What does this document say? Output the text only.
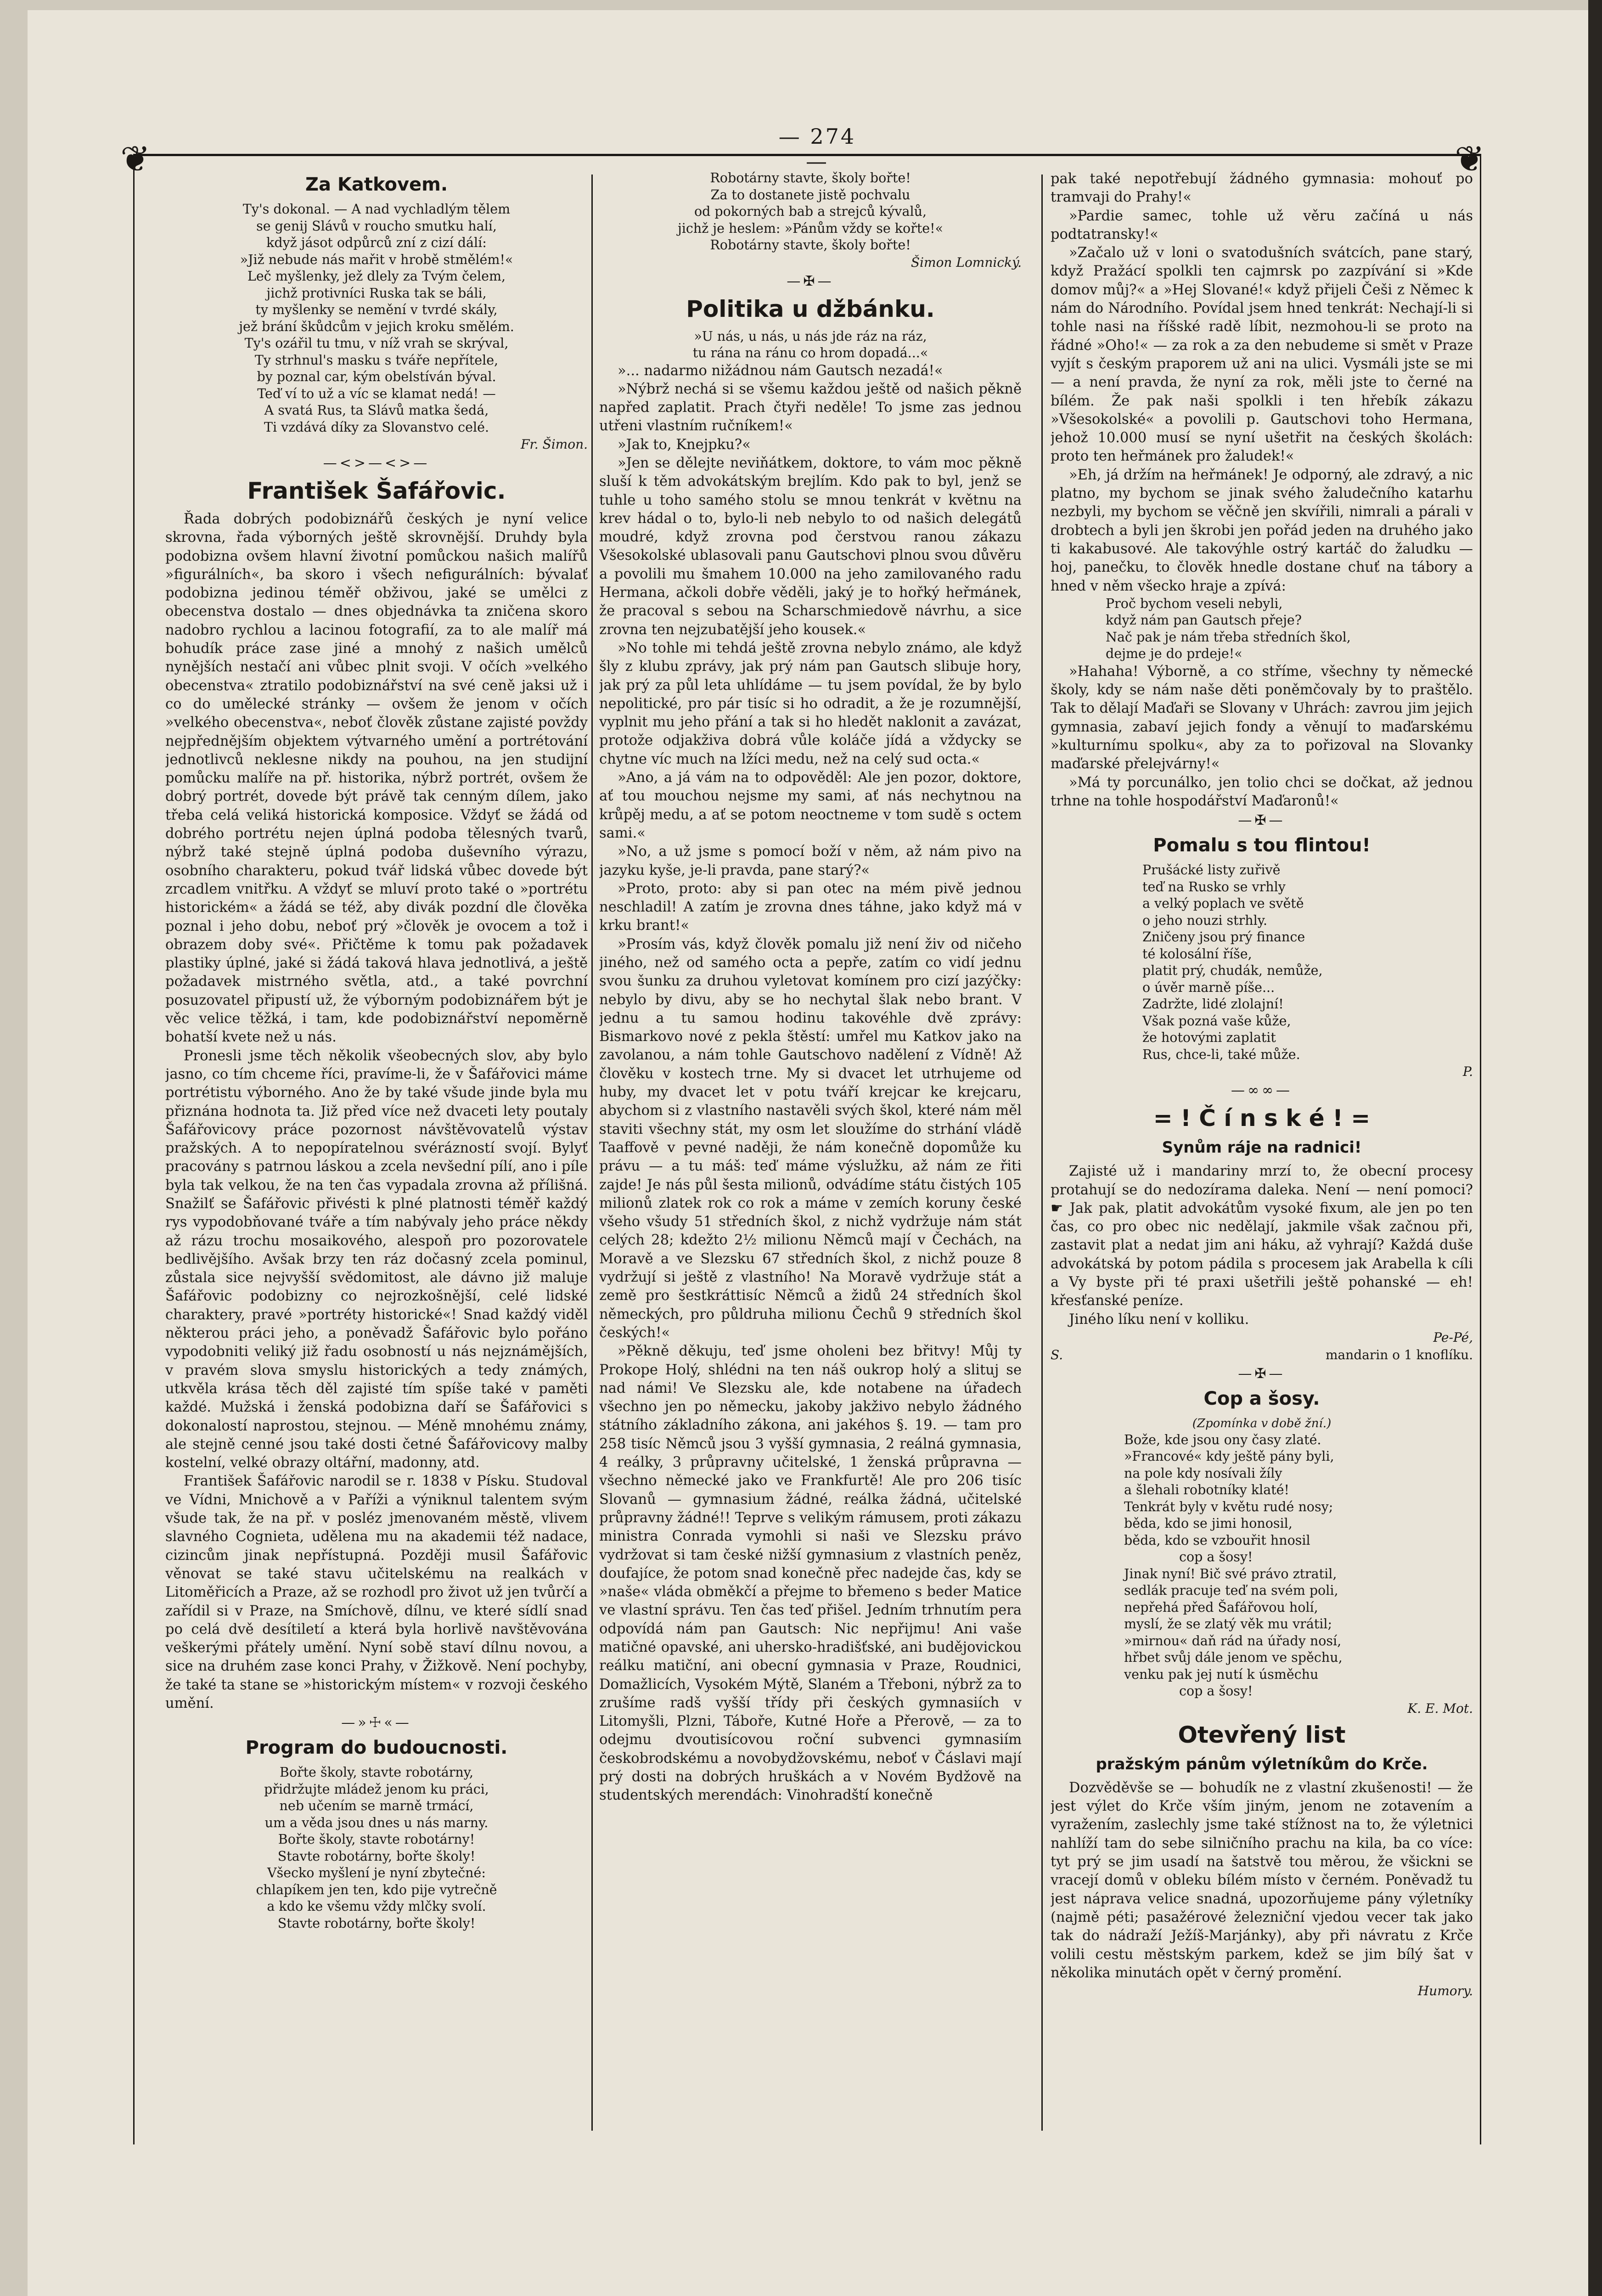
— 274 —
❦	❦
Za Katkovem.
Ty's dokonal. — A nad vychladlým tělem
se genij Slávů v roucho smutku halí,
když jásot odpůrců zní z cizí dálí:
»Již nebude nás mařit v hrobě stmělém!«
Leč myšlenky, jež dlely za Tvým čelem,
jichž protivníci Ruska tak se báli,
ty myšlenky se nemění v tvrdé skály,
jež brání škůdcům v jejich kroku smělém.
Ty's ozářil tu tmu, v níž vrah se skrýval,
Ty strhnul's masku s tváře nepřítele,
by poznal car, kým obelstíván býval.
Teď ví to už a víc se klamat nedá! —
A svatá Rus, ta Slávů matka šedá,
Ti vzdává díky za Slovanstvo celé.
Fr. Šimon.
—<>—<>—
František Šafářovic.

Řada dobrých podobiznářů českých je nyní velice skrovna, řada výborných ještě skrovnější. Druhdy byla podobizna ovšem hlavní životní pomůckou našich malířů »figurálních«, ba skoro i všech nefigurálních: bývalať podobizna jedinou téměř obživou, jaké se umělci z obecenstva dostalo — dnes objednávka ta zničena skoro nadobro rychlou a lacinou fotografií, za to ale malíř má bohudík práce zase jiné a mnohý z našich umělců nynějších nestačí ani vůbec plnit svoji. V očích »velkého obecenstva« ztratilo podobiznářství na své ceně jaksi už i co do umělecké stránky — ovšem že jenom v očích »velkého obecenstva«, neboť člověk zůstane zajisté povždy nejpřednějším objektem výtvarného umění a portrétování jednotlivců neklesne nikdy na pouhou, na jen studijní pomůcku malíře na př. historika, nýbrž portrét, ovšem že dobrý portrét, dovede být právě tak cenným dílem, jako třeba celá veliká historická komposice. Vždyť se žádá od dobrého portrétu nejen úplná podoba tělesných tvarů, nýbrž také stejně úplná podoba duševního výrazu, osobního charakteru, pokud tvář lidská vůbec dovede být zrcadlem vnitřku. A vždyť se mluví proto také o »portrétu historickém« a žádá se též, aby divák pozdní dle člověka poznal i jeho dobu, neboť prý »člověk je ovocem a tož i obrazem doby své«. Přičtěme k tomu pak požadavek plastiky úplné, jaké si žádá taková hlava jednotlivá, a ještě požadavek mistrného světla, atd., a také povrchní posuzovatel připustí už, že výborným podobiznářem být je věc velice těžká, i tam, kde podobiznářství nepoměrně bohatší kvete než u nás.

Pronesli jsme těch několik všeobecných slov, aby bylo jasno, co tím chceme říci, pravíme-li, že v Šafářovici máme portrétistu výborného. Ano že by také všude jinde byla mu přiznána hodnota ta. Již před více než dvaceti lety poutaly Šafářovicovy práce pozornost návštěvovatelů výstav pražských. A to nepopíratelnou svérázností svojí. Bylyť pracovány s patrnou láskou a zcela nevšední pílí, ano i píle byla tak velkou, že na ten čas vypadala zrovna až přílišná. Snažilť se Šafářovic přivésti k plné platnosti téměř každý rys vypodobňované tváře a tím nabývaly jeho práce někdy až rázu trochu mosaikového, alespoň pro pozorovatele bedlivějšího. Avšak brzy ten ráz dočasný zcela pominul, zůstala sice nejvyšší svědomitost, ale dávno již maluje Šafářovic podobizny co nejrozkošnější, celé lidské charaktery, pravé »portréty historické«! Snad každý viděl některou práci jeho, a poněvadž Šafářovic bylo pořáno vypodobniti veliký již řadu osobností u nás nejznámějších, v pravém slova smyslu historických a tedy známých, utkvěla krása těch děl zajisté tím spíše také v paměti každé. Mužská i ženská podobizna daří se Šafářovici s dokonalostí naprostou, stejnou. — Méně mnohému známy, ale stejně cenné jsou také dosti četné Šafářovicovy malby kostelní, velké obrazy oltářní, madonny, atd.

František Šafářovic narodil se r. 1838 v Písku. Studoval ve Vídni, Mnichově a v Paříži a výniknul talentem svým všude tak, že na př. v posléz jmenovaném městě, vlivem slavného Cognieta, udělena mu na akademii též nadace, cizincům jinak nepřístupná. Později musil Šafářovic věnovat se také stavu učitelskému na realkách v Litoměřicích a Praze, až se rozhodl pro život už jen tvůrčí a zařídil si v Praze, na Smíchově, dílnu, ve které sídlí snad po celá dvě desítiletí a která byla horlivě navštěvována veškerými přátely umění. Nyní sobě staví dílnu novou, a sice na druhém zase konci Prahy, v Žižkově. Není pochyby, že také ta stane se »historickým místem« v rozvoji českého umění.

—»☩«—
Program do budoucnosti.
Bořte školy, stavte robotárny,
přidržujte mládež jenom ku práci,
neb učením se marně trmácí,
um a věda jsou dnes u nás marny.
Bořte školy, stavte robotárny!
Stavte robotárny, bořte školy!
Všecko myšlení je nyní zbytečné:
chlapíkem jen ten, kdo pije vytrečně
a kdo ke všemu vždy mlčky svolí.
Stavte robotárny, bořte školy!
Robotárny stavte, školy bořte!
Za to dostanete jistě pochvalu
od pokorných bab a strejců kývalů,
jichž je heslem: »Pánům vždy se kořte!«
Robotárny stavte, školy bořte!
Šimon Lomnický.
—✠—
Politika u džbánku.
»U nás, u nás, u nás jde ráz na ráz,
tu rána na ránu co hrom dopadá...«

»... nadarmo nižádnou nám Gautsch nezadá!«

»Nýbrž nechá si se všemu každou ještě od našich pěkně napřed zaplatit. Prach čtyři neděle! To jsme zas jednou utřeni vlastním ručníkem!«

»Jak to, Knejpku?«

»Jen se dělejte neviňátkem, doktore, to vám moc pěkně sluší k těm advokátským brejlím. Kdo pak to byl, jenž se tuhle u toho samého stolu se mnou tenkrát v květnu na krev hádal o to, bylo-li neb nebylo to od našich delegátů moudré, když zrovna pod čerstvou ranou zákazu Všesokolské ublasovali panu Gautschovi plnou svou důvěru a povolili mu šmahem 10.000 na jeho zamilovaného radu Hermana, ačkoli dobře věděli, jaký je to hořký heřmánek, že pracoval s sebou na Scharschmiedově návrhu, a sice zrovna ten nejzubatější jeho kousek.«

»No tohle mi tehdá ještě zrovna nebylo známo, ale když šly z klubu zprávy, jak prý nám pan Gautsch slibuje hory, jak prý za půl leta uhlídáme — tu jsem povídal, že by bylo nepolitické, pro pár tisíc si ho odradit, a že je rozumnější, vyplnit mu jeho přání a tak si ho hledět naklonit a zavázat, protože odjakživa dobrá vůle koláče jídá a vždycky se chytne víc much na lžíci medu, než na celý sud octa.«

»Ano, a já vám na to odpověděl: Ale jen pozor, doktore, ať tou mouchou nejsme my sami, ať nás nechytnou na krůpěj medu, a ať se potom neoctneme v tom sudě s octem sami.«

»No, a už jsme s pomocí boží v něm, až nám pivo na jazyku kyše, je-li pravda, pane starý?«

»Proto, proto: aby si pan otec na mém pivě jednou neschladil! A zatím je zrovna dnes táhne, jako když má v krku brant!«

»Prosím vás, když člověk pomalu již není živ od ničeho jiného, než od samého octa a pepře, zatím co vidí jednu svou šunku za druhou vyletovat komínem pro cizí jazýčky: nebylo by divu, aby se ho nechytal šlak nebo brant. V jednu a tu samou hodinu takovéhle dvě zprávy: Bismarkovo nové z pekla štěstí: umřel mu Katkov jako na zavolanou, a nám tohle Gautschovo nadělení z Vídně! Až člověku v kostech trne. My si dvacet let utrhujeme od huby, my dvacet let v potu tváří krejcar ke krejcaru, abychom si z vlastního nastavěli svých škol, které nám měl staviti všechny stát, my osm let sloužíme do strhání vládě Taaffově v pevné naději, že nám konečně dopomůže ku právu — a tu máš: teď máme výslužku, až nám ze řiti zajde! Je nás půl šesta milionů, odvádíme státu čistých 105 milionů zlatek rok co rok a máme v zemích koruny české všeho všudy 51 středních škol, z nichž vydržuje nám stát celých 28; kdežto 2½ milionu Němců mají v Čechách, na Moravě a ve Slezsku 67 středních škol, z nichž pouze 8 vydržují si ještě z vlastního! Na Moravě vydržuje stát a země pro šestkráttisíc Němců a židů 24 středních škol německých, pro půldruha milionu Čechů 9 středních škol českých!«

»Pěkně děkuju, teď jsme oholeni bez břitvy! Můj ty Prokope Holý, shlédni na ten náš oukrop holý a slituj se nad námi! Ve Slezsku ale, kde notabene na úřadech všechno jen po německu, jakoby jakživo nebylo žádného státního základního zákona, ani jakéhos §. 19. — tam pro 258 tisíc Němců jsou 3 vyšší gymnasia, 2 reálná gymnasia, 4 reálky, 3 průpravny učitelské, 1 ženská průpravna — všechno německé jako ve Frankfurtě! Ale pro 206 tisíc Slovanů — gymnasium žádné, reálka žádná, učitelské průpravny žádné!! Teprve s velikým rámusem, proti zákazu ministra Conrada vymohli si naši ve Slezsku právo vydržovat si tam české nižší gymnasium z vlastních peněz, doufajíce, že potom snad konečně přec nadejde čas, kdy se »naše« vláda obměkčí a přejme to břemeno s beder Matice ve vlastní správu. Ten čas teď přišel. Jedním trhnutím pera odpovídá nám pan Gautsch: Nic nepřijmu! Ani vaše matičné opavské, ani uhersko-hradišťské, ani budějovickou reálku matiční, ani obecní gymnasia v Praze, Roudnici, Domažlicích, Vysokém Mýtě, Slaném a Třeboni, nýbrž za to zrušíme radš vyšší třídy při českých gymnasiích v Litomyšli, Plzni, Táboře, Kutné Hoře a Přerově, — za to odejmu dvoutisícovou roční subvenci gymnasiím českobrodskému a novobydžovskému, neboť v Čáslavi mají prý dosti na dobrých hruškách a v Novém Bydžově na studentských merendách: Vinohradští konečně

pak také nepotřebují žádného gymnasia: mohouť po tramvaji do Prahy!«

»Pardie samec, tohle už věru začíná u nás podtatransky!«

»Začalo už v loni o svatodušních svátcích, pane starý, když Pražácí spolkli ten cajmrsk po zazpívání si »Kde domov můj?« a »Hej Slované!« když přijeli Češi z Němec k nám do Národního. Povídal jsem hned tenkrát: Nechají-li si tohle nasi na říšské radě líbit, nezmohou-li se proto na řádné »Oho!« — za rok a za den nebudeme si smět v Praze vyjít s českým praporem už ani na ulici. Vysmáli jste se mi — a není pravda, že nyní za rok, měli jste to černé na bílém. Že pak naši spolkli i ten hřebík zákazu »Všesokolské« a povolili p. Gautschovi toho Hermana, jehož 10.000 musí se nyní ušetřit na českých školách: proto ten heřmánek pro žaludek!«

»Eh, já držím na heřmánek! Je odporný, ale zdravý, a nic platno, my bychom se jinak svého žaludečního katarhu nezbyli, my bychom se věčně jen skvířili, nimrali a párali v drobtech a byli jen škrobi jen pořád jeden na druhého jako ti kakabusové. Ale takovýhle ostrý kartáč do žaludku — hoj, panečku, to člověk hnedle dostane chuť na tábory a hned v něm všecko hraje a zpívá:

Proč bychom veseli nebyli,
když nám pan Gautsch přeje?
Nač pak je nám třeba středních škol,
dejme je do prdeje!«

»Hahaha! Výborně, a co stříme, všechny ty německé školy, kdy se nám naše děti poněmčovaly by to praštělo. Tak to dělají Maďaři se Slovany v Uhrách: zavrou jim jejich gymnasia, zabaví jejich fondy a věnují to maďarskému »kulturnímu spolku«, aby za to pořizoval na Slovanky maďarské přelejvárny!«

»Má ty porcunálko, jen tolio chci se dočkat, až jednou trhne na tohle hospodářství Maďaronů!«

—✠—
Pomalu s tou flintou!
Prušácké listy zuřivě
teď na Rusko se vrhly
a velký poplach ve světě
o jeho nouzi strhly.
Zničeny jsou prý finance
té kolosální říše,
platit prý, chudák, nemůže,
o úvěr marně píše...
Zadržte, lidé zlolajní!
Však pozná vaše kůže,
že hotovými zaplatit
Rus, chce-li, také může.
P.
—∞∞—
= ! Č í n s k é ! =
Synům ráje na radnici!

Zajisté už i mandariny mrzí to, že obecní procesy protahují se do nedozírama daleka. Není — není pomoci? ☛ Jak pak, platit advokátům vysoké fixum, ale jen po ten čas, co pro obec nic nedělají, jakmile však začnou při, zastavit plat a nedat jim ani háku, až vyhrají? Každá duše advokátská by potom pádila s procesem jak Arabella k cíli a Vy byste při té praxi ušetřili ještě pohanské — eh! křesťanské peníze.

Jiného líku není v kolliku.

Pe-Pé,
S.	mandarin o 1 knoflíku.
—✠—
Cop a šosy.
(Zpomínka v době žní.)
Bože, kde jsou ony časy zlaté.
»Francové« kdy ještě pány byli,
na pole kdy nosívali žíly
a šlehali robotníky klaté!
Tenkrát byly v květu rudé nosy;
běda, kdo se jimi honosil,
běda, kdo se vzbouřit hnosil
cop a šosy!
Jinak nyní! Bič své právo ztratil,
sedlák pracuje teď na svém poli,
nepřehá před Šafářovou holí,
myslí, že se zlatý věk mu vrátil;
»mirnou« daň rád na úřady nosí,
hřbet svůj dále jenom ve spěchu,
venku pak jej nutí k úsměchu
cop a šosy!
K. E. Mot.
Otevřený list
pražským pánům výletníkům do Krče.

Dozvěděvše se — bohudík ne z vlastní zkušenosti! — že jest výlet do Krče vším jiným, jenom ne zotavením a vyražením, zaslechly jsme také stížnost na to, že výletnici nahlíží tam do sebe silničního prachu na kila, ba co více: tyt prý se jim usadí na šatstvě tou měrou, že všickni se vracejí domů v obleku bílém místo v černém. Poněvadž tu jest náprava velice snadná, upozorňujeme pány výletníky (najmě péti; pasažérové železniční vjedou vecer tak jako tak do nádraží Ježíš-Marjánky), aby při návratu z Krče volili cestu městským parkem, kdež se jim bílý šat v několika minutách opět v černý promění.

Humory.
